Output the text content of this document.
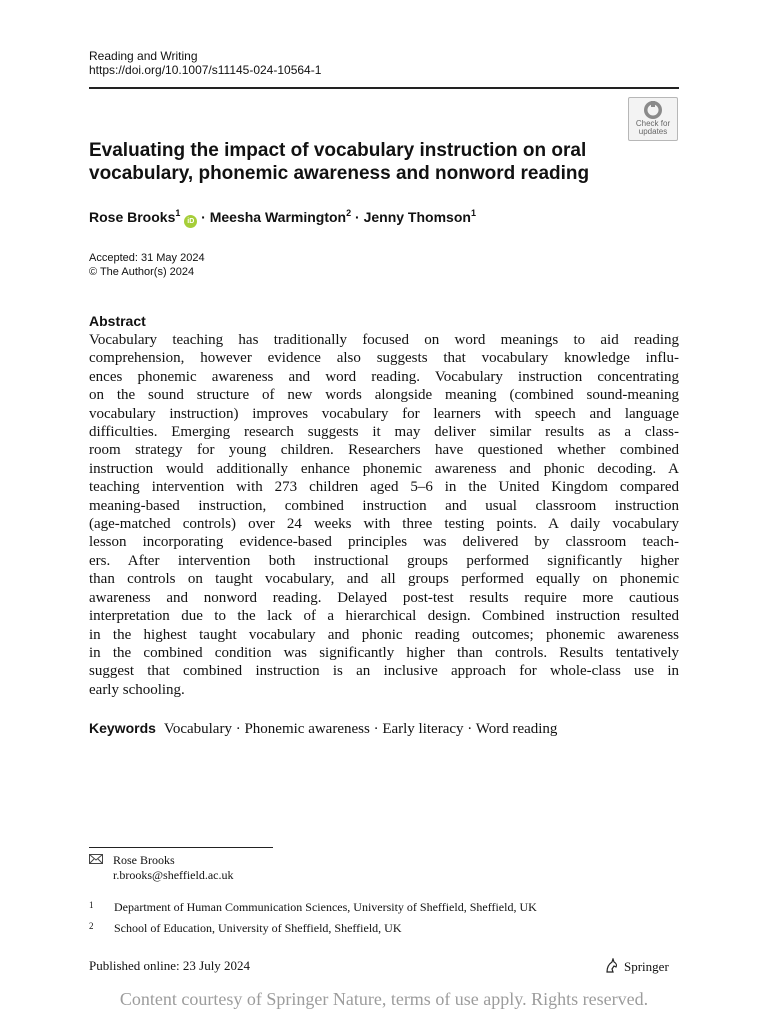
Reading and Writing
https://doi.org/10.1007/s11145-024-10564-1
Check for
updates
Evaluating the impact of vocabulary instruction on oral vocabulary, phonemic awareness and nonword reading
Rose Brooks$^1$ iD · Meesha Warmington$^2$ · Jenny Thomson$^1$
Accepted: 31 May 2024
© The Author(s) 2024
Abstract
Vocabulary teaching has traditionally focused on word meanings to aid reading
comprehension, however evidence also suggests that vocabulary knowledge influ-
ences phonemic awareness and word reading. Vocabulary instruction concentrating
on the sound structure of new words alongside meaning (combined sound-meaning
vocabulary instruction) improves vocabulary for learners with speech and language
difficulties. Emerging research suggests it may deliver similar results as a class-
room strategy for young children. Researchers have questioned whether combined
instruction would additionally enhance phonemic awareness and phonic decoding. A
teaching intervention with 273 children aged 5–6 in the United Kingdom compared
meaning-based instruction, combined instruction and usual classroom instruction
(age-matched controls) over 24 weeks with three testing points. A daily vocabulary
lesson incorporating evidence-based principles was delivered by classroom teach-
ers. After intervention both instructional groups performed significantly higher
than controls on taught vocabulary, and all groups performed equally on phonemic
awareness and nonword reading. Delayed post-test results require more cautious
interpretation due to the lack of a hierarchical design. Combined instruction resulted
in the highest taught vocabulary and phonic reading outcomes; phonemic awareness
in the combined condition was significantly higher than controls. Results tentatively
suggest that combined instruction is an inclusive approach for whole-class use in
early schooling.
Keywords Vocabulary · Phonemic awareness · Early literacy · Word reading
Rose Brooks
r.brooks@sheffield.ac.uk
1 Department of Human Communication Sciences, University of Sheffield, Sheffield, UK
2 School of Education, University of Sheffield, Sheffield, UK
Published online: 23 July 2024	Springer
Content courtesy of Springer Nature, terms of use apply. Rights reserved.
